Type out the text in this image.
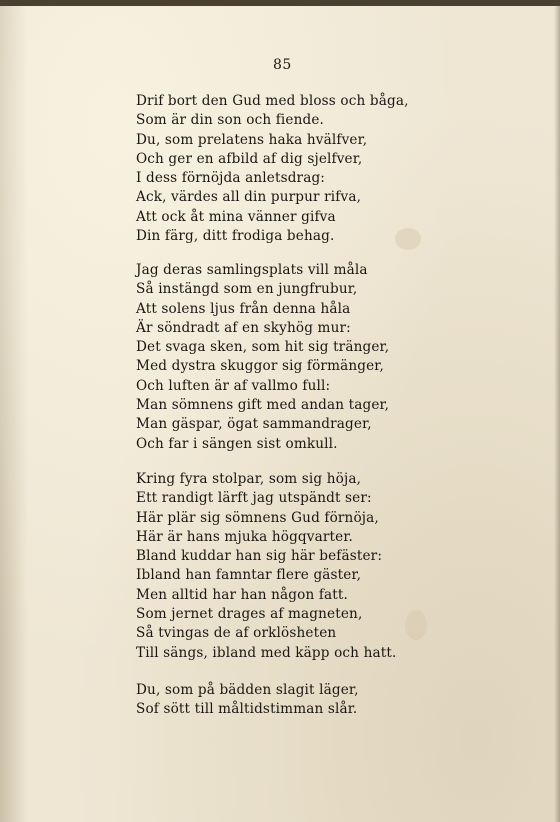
85
Drif bort den Gud med bloss och båga,
Som är din son och fiende.
Du, som prelatens haka hvälfver,
Och ger en afbild af dig sjelfver,
I dess förnöjda anletsdrag:
Ack, värdes all din purpur rifva,
Att ock åt mina vänner gifva
Din färg, ditt frodiga behag.
Jag deras samlingsplats vill måla
Så instängd som en jungfrubur,
Att solens ljus från denna håla
Är söndradt af en skyhög mur:
Det svaga sken, som hit sig tränger,
Med dystra skuggor sig förmänger,
Och luften är af vallmo full:
Man sömnens gift med andan tager,
Man gäspar, ögat sammandrager,
Och far i sängen sist omkull.
Kring fyra stolpar, som sig höja,
Ett randigt lärft jag utspändt ser:
Här plär sig sömnens Gud förnöja,
Här är hans mjuka högqvarter.
Bland kuddar han sig här befäster:
Ibland han famntar flere gäster,
Men alltid har han någon fatt.
Som jernet drages af magneten,
Så tvingas de af orklösheten
Till sängs, ibland med käpp och hatt.
Du, som på bädden slagit läger,
Sof sött till måltidstimman slår.
